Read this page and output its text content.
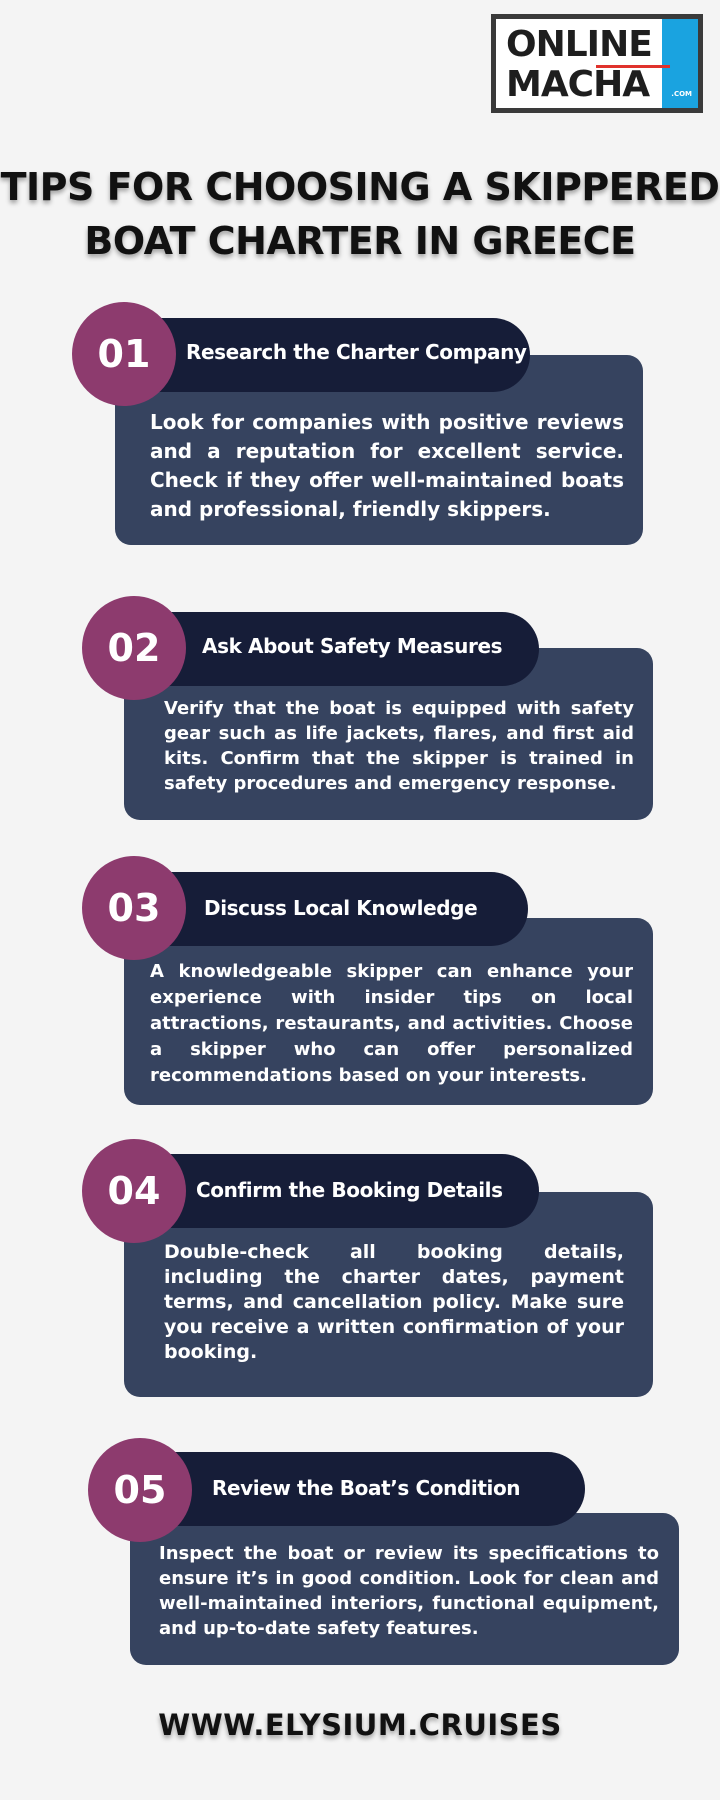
ONLINE
MACHA	.COM
TIPS FOR CHOOSING A SKIPPERED
BOAT CHARTER IN GREECE
Research the Charter Company
01
Look for companies with positive reviews and a reputation for excellent service. Check if they offer well-maintained boats and professional, friendly skippers.
Ask About Safety Measures
02
Verify that the boat is equipped with safety gear such as life jackets, flares, and first aid kits. Confirm that the skipper is trained in safety procedures and emergency response.
Discuss Local Knowledge
03
A knowledgeable skipper can enhance your experience with insider tips on local attractions, restaurants, and activities. Choose a skipper who can offer personalized recommendations based on your interests.
Confirm the Booking Details
04
Double-check all booking details, including the charter dates, payment terms, and cancellation policy. Make sure you receive a written confirmation of your booking.
Review the Boat’s Condition
05
Inspect the boat or review its specifications to ensure it’s in good condition. Look for clean and well-maintained interiors, functional equipment, and up-to-date safety features.
WWW.ELYSIUM.CRUISES
